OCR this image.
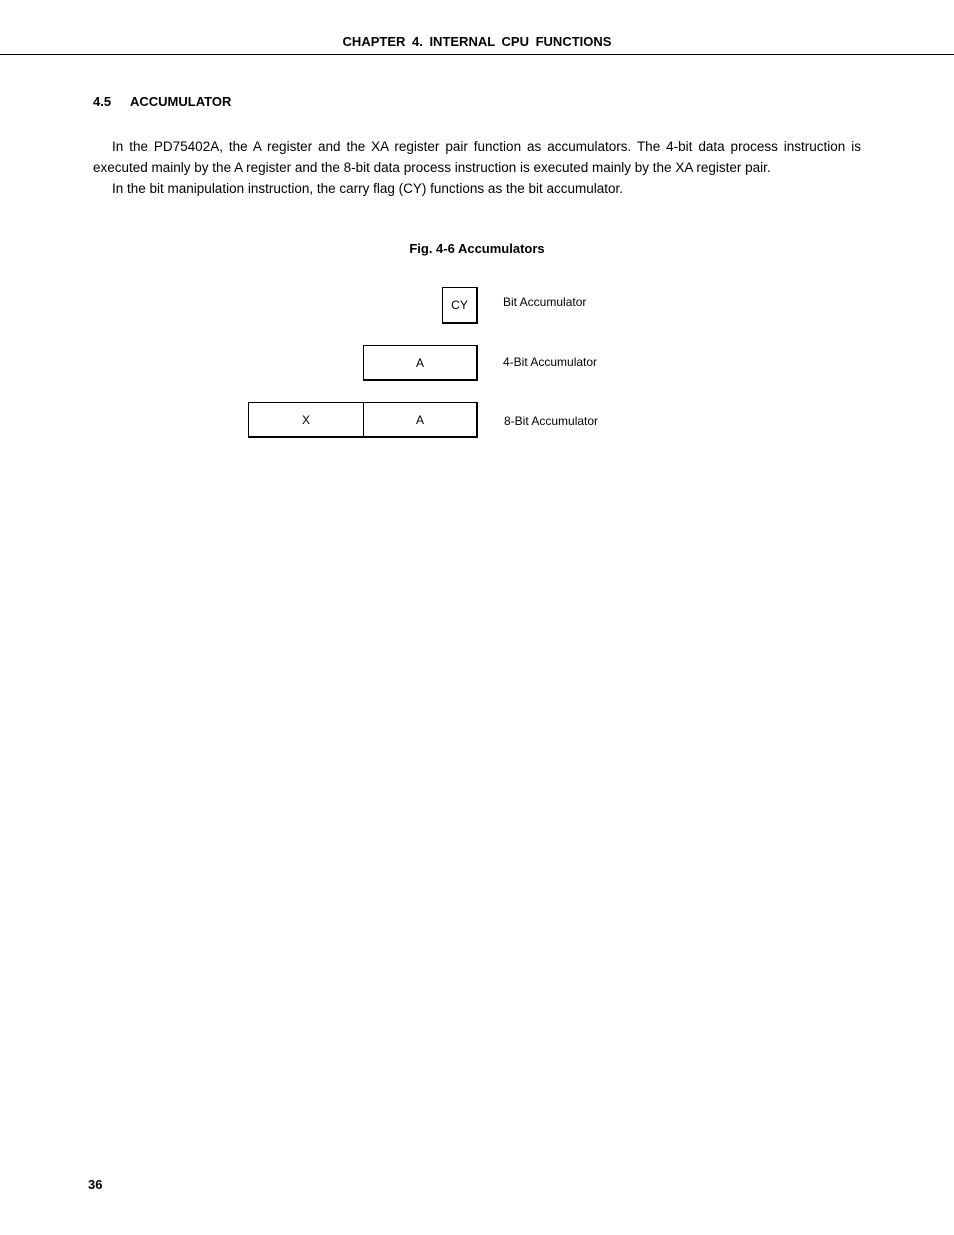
CHAPTER 4. INTERNAL CPU FUNCTIONS
4.5 ACCUMULATOR

In the PD75402A, the A register and the XA register pair function as accumulators. The 4-bit data process instruction is executed mainly by the A register and the 8-bit data process instruction is executed mainly by the XA register pair.

In the bit manipulation instruction, the carry flag (CY) functions as the bit accumulator.

Fig. 4-6 Accumulators
CY	Bit Accumulator
A	4-Bit Accumulator
X	A	8-Bit Accumulator
36
